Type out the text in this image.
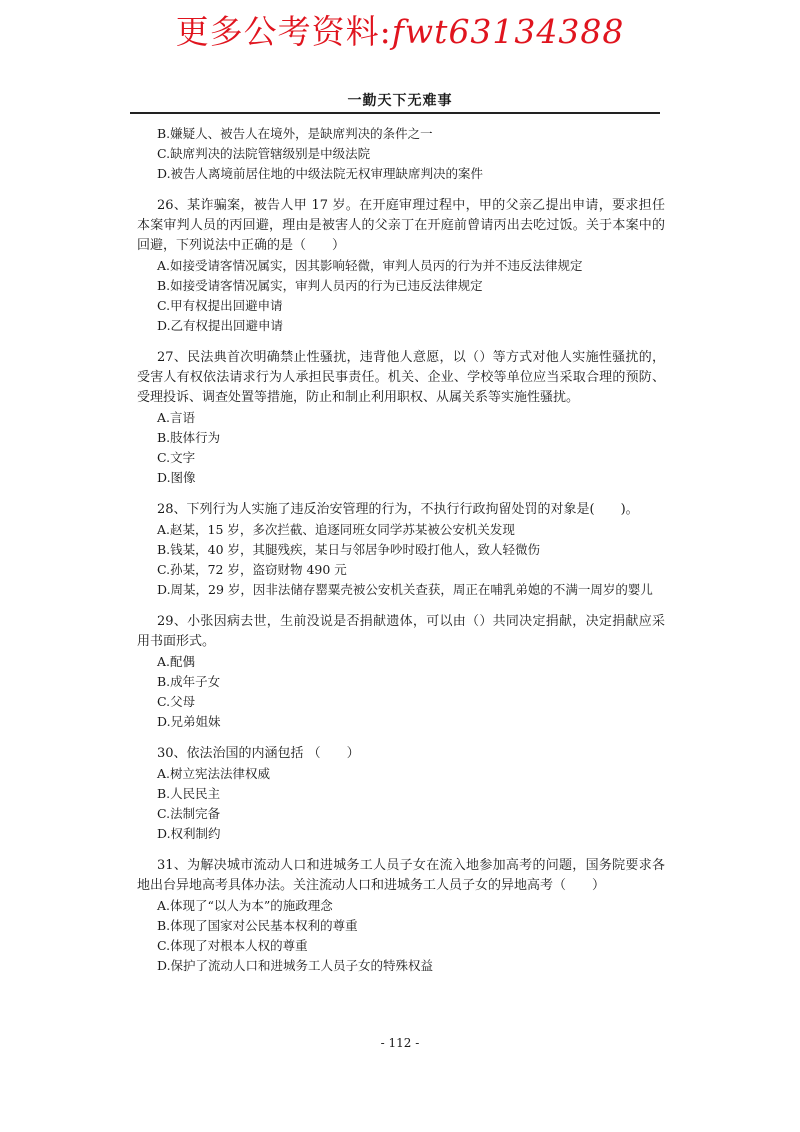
更多公考资料:fwt63134388
一勤天下无难事
B.嫌疑人、被告人在境外，是缺席判决的条件之一
C.缺席判决的法院管辖级别是中级法院
D.被告人离境前居住地的中级法院无权审理缺席判决的案件
26、某诈骗案，被告人甲 17 岁。在开庭审理过程中，甲的父亲乙提出申请，要求担任本案审判人员的丙回避，理由是被害人的父亲丁在开庭前曾请丙出去吃过饭。关于本案中的回避，下列说法中正确的是（　　）
A.如接受请客情况属实，因其影响轻微，审判人员丙的行为并不违反法律规定
B.如接受请客情况属实，审判人员丙的行为已违反法律规定
C.甲有权提出回避申请
D.乙有权提出回避申请
27、民法典首次明确禁止性骚扰，违背他人意愿，以（）等方式对他人实施性骚扰的，受害人有权依法请求行为人承担民事责任。机关、企业、学校等单位应当采取合理的预防、受理投诉、调查处置等措施，防止和制止利用职权、从属关系等实施性骚扰。
A.言语
B.肢体行为
C.文字
D.图像
28、下列行为人实施了违反治安管理的行为，不执行行政拘留处罚的对象是(　　)。
A.赵某，15 岁，多次拦截、追逐同班女同学苏某被公安机关发现
B.钱某，40 岁，其腿残疾，某日与邻居争吵时殴打他人，致人轻微伤
C.孙某，72 岁，盗窃财物 490 元
D.周某，29 岁，因非法储存罂粟壳被公安机关查获，周正在哺乳弟媳的不满一周岁的婴儿
29、小张因病去世，生前没说是否捐献遗体，可以由（）共同决定捐献，决定捐献应采用书面形式。
A.配偶
B.成年子女
C.父母
D.兄弟姐妹
30、依法治国的内涵包括 （　　）
A.树立宪法法律权威
B.人民民主
C.法制完备
D.权利制约
31、为解决城市流动人口和进城务工人员子女在流入地参加高考的问题，国务院要求各地出台异地高考具体办法。关注流动人口和进城务工人员子女的异地高考（　　）
A.体现了“以人为本”的施政理念
B.体现了国家对公民基本权利的尊重
C.体现了对根本人权的尊重
D.保护了流动人口和进城务工人员子女的特殊权益
- 112 -
